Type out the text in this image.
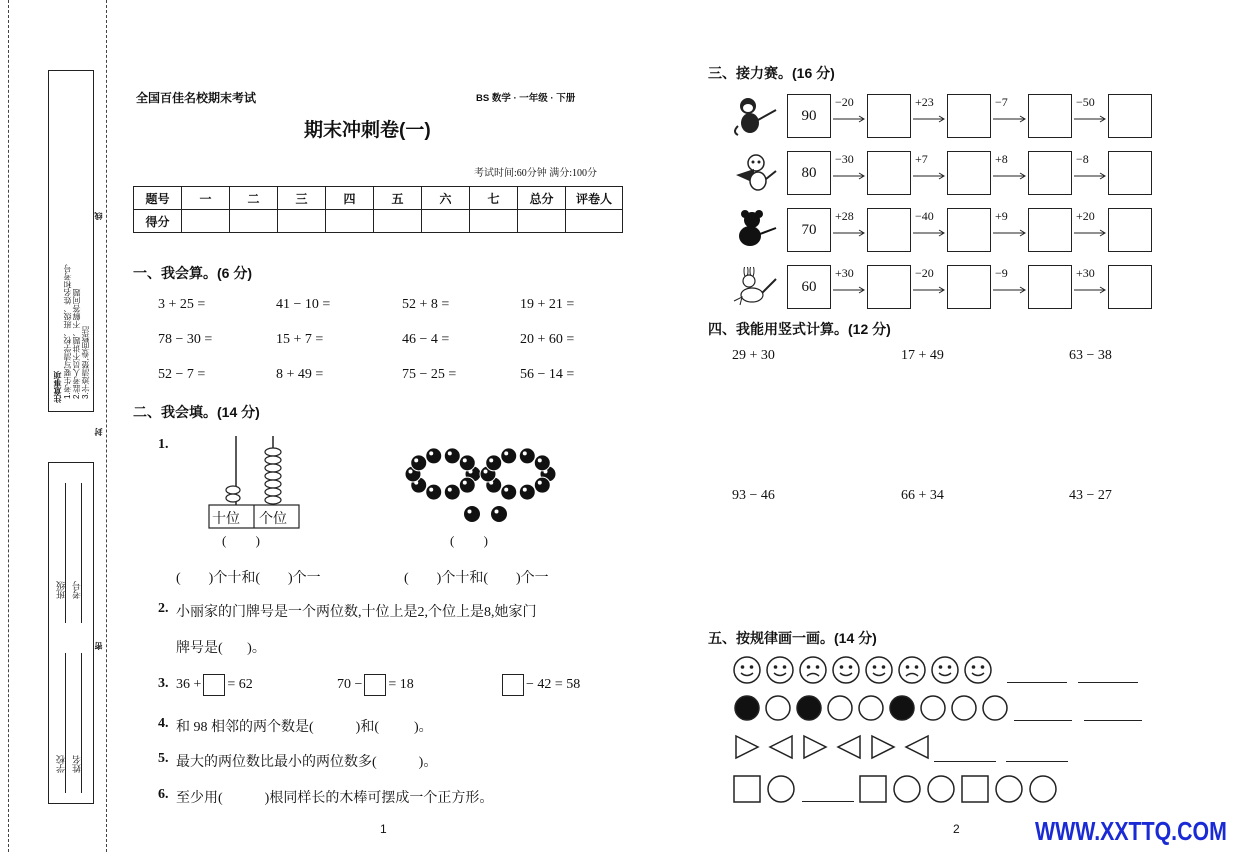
注意事项 1.考生要写清学校、班级、姓名和考号 2.监考人员不讲题、不解答问题 3.字迹清楚,卷面整洁
线
封
密
班级 考号
学校 姓名
全国百佳名校期末考试	BS 数学 · 一年级 · 下册
期末冲刺卷(一)
考试时间:60分钟 满分:100分
题号	一	二	三	四	五	六	七	总分	评卷人
得分									
一、我会算。(6 分)
3 + 25 =	41 − 10 =	52 + 8 =	19 + 21 =
78 − 30 =	15 + 7 =	46 − 4 =	20 + 60 =
52 − 7 =	8 + 49 =	75 − 25 =	56 − 14 =
二、我会填。(14 分)
1.
十位 个位
(         )	(         )
(        )个十和(        )个一	(        )个十和(        )个一
2. 小丽家的门牌号是一个两位数,十位上是2,个位上是8,她家门
牌号是(       )。
3. 36 + = 62	70 − = 18	− 42 = 58
4. 和 98 相邻的两个数是(            )和(          )。
5. 最大的两位数比最小的两位数多(            )。
6. 至少用(            )根同样长的木棒可摆成一个正方形。
1
三、接力赛。(16 分)
90
−20	+23	−7	−50
80
−30	+7	+8	−8
70
+28	−40	+9	+20
60
+30	−20	−9	+30
四、我能用竖式计算。(12 分)
29 + 30	17 + 49	63 − 38
93 − 46	66 + 34	43 − 27
五、按规律画一画。(14 分)
2	WWW.XXTTQ.COM
